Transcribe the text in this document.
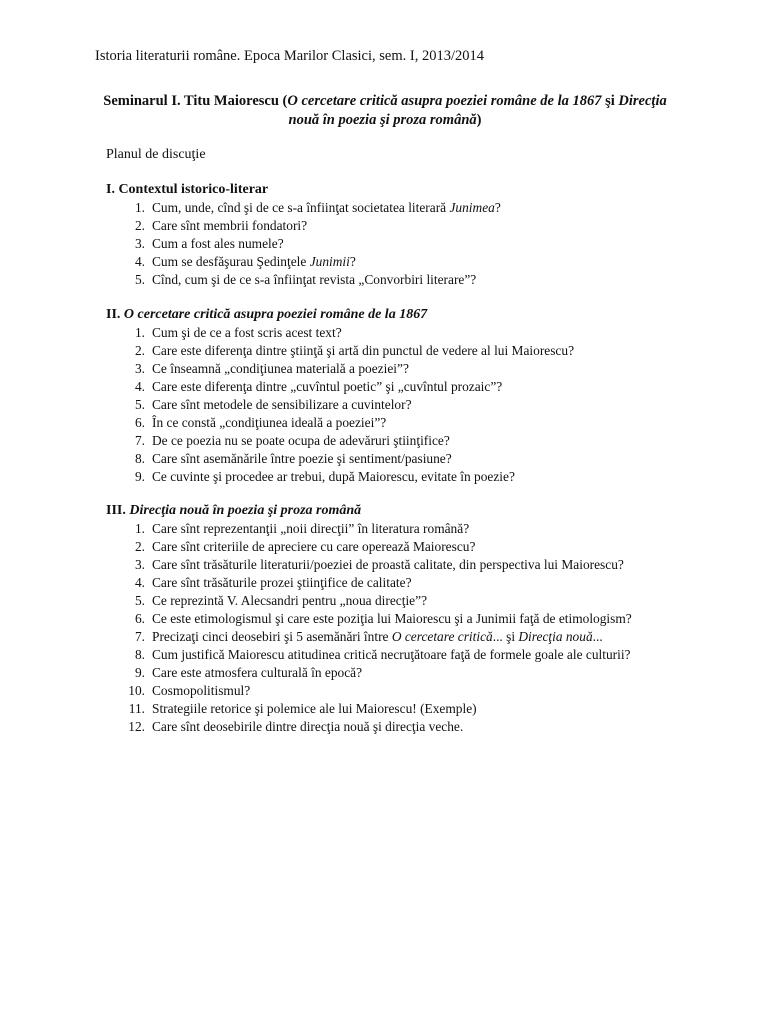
Istoria literaturii române. Epoca Marilor Clasici, sem. I, 2013/2014
Seminarul I. Titu Maiorescu (O cercetare critică asupra poeziei române de la 1867 şi Direcţia nouă în poezia şi proza română)
Planul de discuţie
I. Contextul istorico-literar
1. Cum, unde, cînd şi de ce s-a înfiinţat societatea literară Junimea?
2. Care sînt membrii fondatori?
3. Cum a fost ales numele?
4. Cum se desfăşurau Şedinţele Junimii?
5. Cînd, cum şi de ce s-a înfiinţat revista „Convorbiri literare”?
II. O cercetare critică asupra poeziei române de la 1867
1. Cum şi de ce a fost scris acest text?
2. Care este diferenţa dintre ştiinţă şi artă din punctul de vedere al lui Maiorescu?
3. Ce înseamnă „condiţiunea materială a poeziei”?
4. Care este diferenţa dintre „cuvîntul poetic” şi „cuvîntul prozaic”?
5. Care sînt metodele de sensibilizare a cuvintelor?
6. În ce constă „condiţiunea ideală a poeziei”?
7. De ce poezia nu se poate ocupa de adevăruri ştiinţifice?
8. Care sînt asemănările între poezie şi sentiment/pasiune?
9. Ce cuvinte şi procedee ar trebui, după Maiorescu, evitate în poezie?
III. Direcţia nouă în poezia şi proza română
1. Care sînt reprezentanţii „noii direcţii” în literatura română?
2. Care sînt criteriile de apreciere cu care operează Maiorescu?
3. Care sînt trăsăturile literaturii/poeziei de proastă calitate, din perspectiva lui Maiorescu?
4. Care sînt trăsăturile prozei ştiinţifice de calitate?
5. Ce reprezintă V. Alecsandri pentru „noua direcţie”?
6. Ce este etimologismul şi care este poziţia lui Maiorescu şi a Junimii faţă de etimologism?
7. Precizaţi cinci deosebiri şi 5 asemănări între O cercetare critică... şi Direcţia nouă...
8. Cum justifică Maiorescu atitudinea critică necruţătoare faţă de formele goale ale culturii?
9. Care este atmosfera culturală în epocă?
10. Cosmopolitismul?
11. Strategiile retorice şi polemice ale lui Maiorescu! (Exemple)
12. Care sînt deosebirile dintre direcţia nouă şi direcţia veche.
